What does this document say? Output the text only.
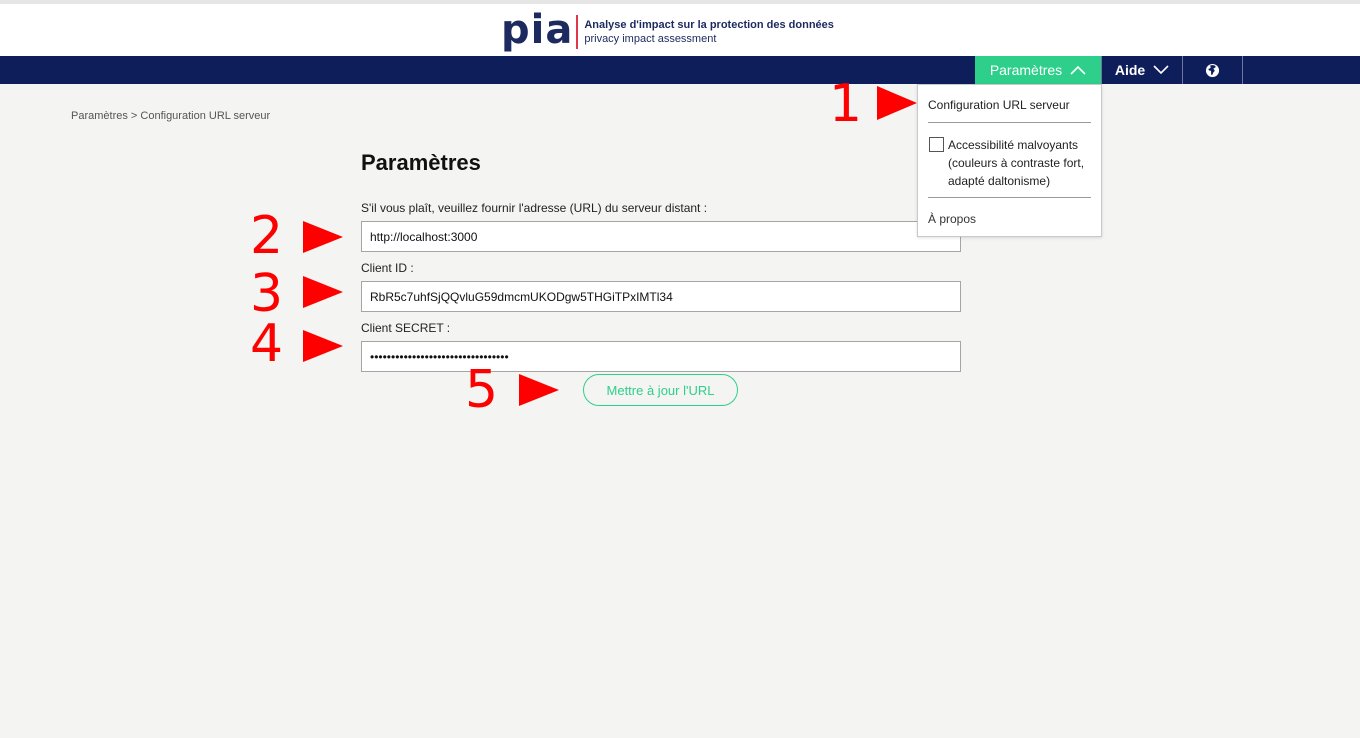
pia Analyse d'impact sur la protection des données
privacy impact assessment
Paramètres	Aide
Paramètres > Configuration URL serveur
Paramètres
S'il vous plaît, veuillez fournir l'adresse (URL) du serveur distant :
http://localhost:3000
Client ID :
RbR5c7uhfSjQQvluG59dmcmUKODgw5THGiTPxIMTl34
Client SECRET :
Mettre à jour l'URL
Configuration URL serveur
Accessibilité malvoyants (couleurs à contraste fort, adapté daltonisme)
À propos
1
2
3
4
5
